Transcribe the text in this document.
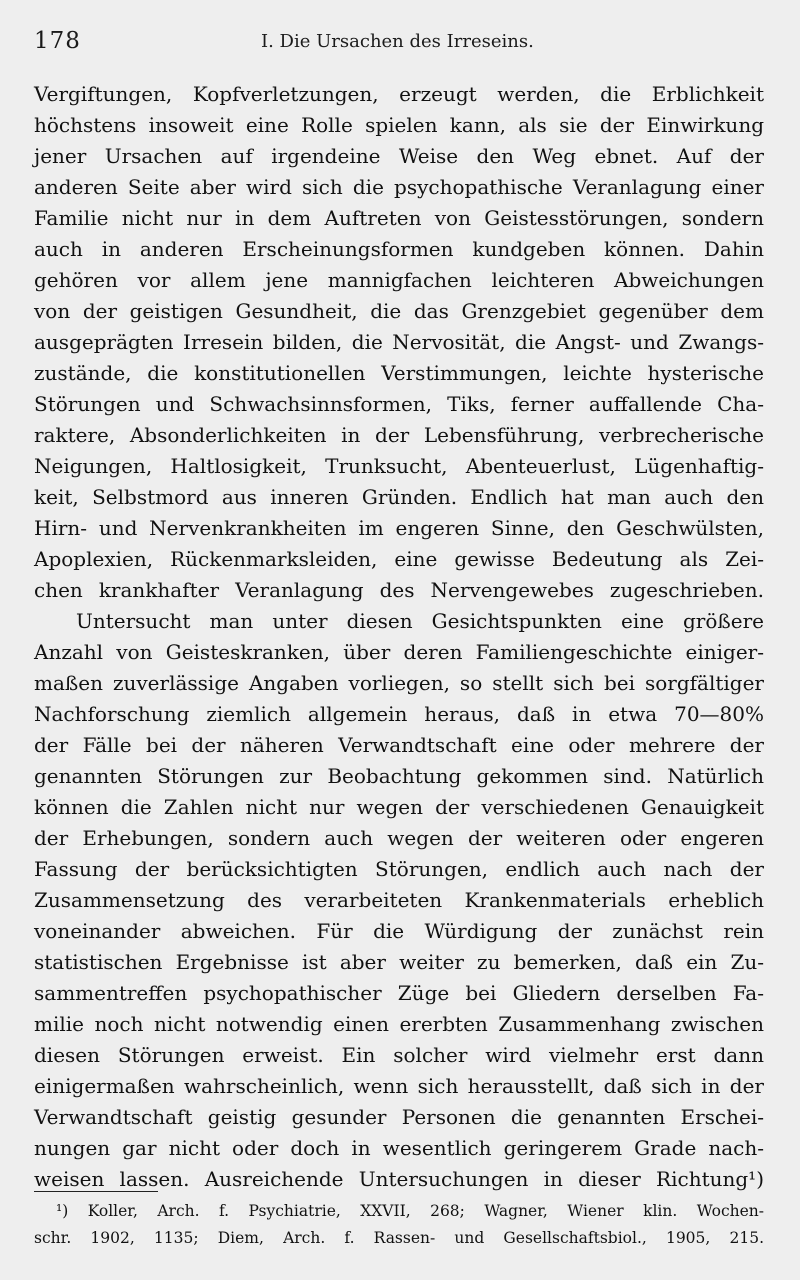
178	I. Die Ursachen des Irreseins.
Vergiftungen, Kopfverletzungen, erzeugt werden, die Erblichkeit
höchstens insoweit eine Rolle spielen kann, als sie der Einwirkung
jener Ursachen auf irgendeine Weise den Weg ebnet. Auf der
anderen Seite aber wird sich die psychopathische Veranlagung einer
Familie nicht nur in dem Auftreten von Geistesstörungen, sondern
auch in anderen Erscheinungsformen kundgeben können. Dahin
gehören vor allem jene mannigfachen leichteren Abweichungen
von der geistigen Gesundheit, die das Grenzgebiet gegenüber dem
ausgeprägten Irresein bilden, die Nervosität, die Angst- und Zwangs-
zustände, die konstitutionellen Verstimmungen, leichte hysterische
Störungen und Schwachsinnsformen, Tiks, ferner auffallende Cha-
raktere, Absonderlichkeiten in der Lebensführung, verbrecherische
Neigungen, Haltlosigkeit, Trunksucht, Abenteuerlust, Lügenhaftig-
keit, Selbstmord aus inneren Gründen. Endlich hat man auch den
Hirn- und Nervenkrankheiten im engeren Sinne, den Geschwülsten,
Apoplexien, Rückenmarksleiden, eine gewisse Bedeutung als Zei-
chen krankhafter Veranlagung des Nervengewebes zugeschrieben.
Untersucht man unter diesen Gesichtspunkten eine größere
Anzahl von Geisteskranken, über deren Familiengeschichte einiger-
maßen zuverlässige Angaben vorliegen, so stellt sich bei sorgfältiger
Nachforschung ziemlich allgemein heraus, daß in etwa 70—80%
der Fälle bei der näheren Verwandtschaft eine oder mehrere der
genannten Störungen zur Beobachtung gekommen sind. Natürlich
können die Zahlen nicht nur wegen der verschiedenen Genauigkeit
der Erhebungen, sondern auch wegen der weiteren oder engeren
Fassung der berücksichtigten Störungen, endlich auch nach der
Zusammensetzung des verarbeiteten Krankenmaterials erheblich
voneinander abweichen. Für die Würdigung der zunächst rein
statistischen Ergebnisse ist aber weiter zu bemerken, daß ein Zu-
sammentreffen psychopathischer Züge bei Gliedern derselben Fa-
milie noch nicht notwendig einen ererbten Zusammenhang zwischen
diesen Störungen erweist. Ein solcher wird vielmehr erst dann
einigermaßen wahrscheinlich, wenn sich herausstellt, daß sich in der
Verwandtschaft geistig gesunder Personen die genannten Erschei-
nungen gar nicht oder doch in wesentlich geringerem Grade nach-
weisen lassen. Ausreichende Untersuchungen in dieser Richtung¹)
¹) Koller, Arch. f. Psychiatrie, XXVII, 268; Wagner, Wiener klin. Wochen-
schr. 1902, 1135; Diem, Arch. f. Rassen- und Gesellschaftsbiol., 1905, 215.
